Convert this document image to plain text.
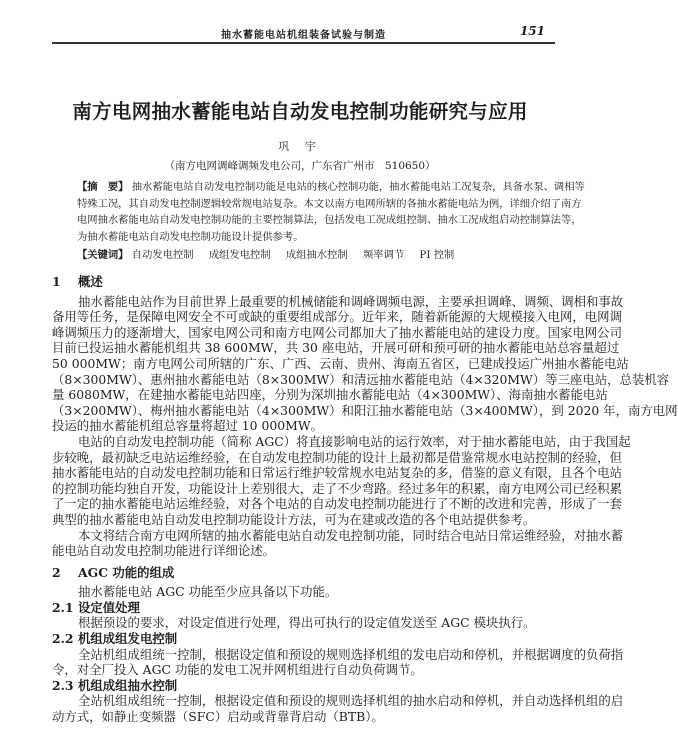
抽水蓄能电站机组装备试验与制造	151
南方电网抽水蓄能电站自动发电控制功能研究与应用
巩 宇
（南方电网调峰调频发电公司，广东省广州市　510650）
【摘　要】 抽水蓄能电站自动发电控制功能是电站的核心控制功能，抽水蓄能电站工况复杂，具备水泵、调相等
特殊工况，其自动发电控制逻辑较常规电站复杂。本文以南方电网所辖的各抽水蓄能电站为例，详细介绍了南方
电网抽水蓄能电站自动发电控制功能的主要控制算法，包括发电工况成组控制、抽水工况成组启动控制算法等，
为抽水蓄能电站自动发电控制功能设计提供参考。
【关键词】 自动发电控制 成组发电控制 成组抽水控制 频率调节 PI 控制
1 概述
抽水蓄能电站作为目前世界上最重要的机械储能和调峰调频电源，主要承担调峰、调频、调相和事故
备用等任务，是保障电网安全不可或缺的重要组成部分。近年来，随着新能源的大规模接入电网，电网调
峰调频压力的逐渐增大，国家电网公司和南方电网公司都加大了抽水蓄能电站的建设力度。国家电网公司
目前已投运抽水蓄能机组共 38 600MW，共 30 座电站，开展可研和预可研的抽水蓄能电站总容量超过
50 000MW；南方电网公司所辖的广东、广西、云南、贵州、海南五省区，已建成投运广州抽水蓄能电站
（8×300MW）、惠州抽水蓄能电站（8×300MW）和清远抽水蓄能电站（4×320MW）等三座电站，总装机容
量 6080MW，在建抽水蓄能电站四座，分别为深圳抽水蓄能电站（4×300MW）、海南抽水蓄能电站
（3×200MW）、梅州抽水蓄能电站（4×300MW）和阳江抽水蓄能电站（3×400MW），到 2020 年，南方电网
投运的抽水蓄能机组总容量将超过 10 000MW。
电站的自动发电控制功能（简称 AGC）将直接影响电站的运行效率，对于抽水蓄能电站，由于我国起
步较晚，最初缺乏电站运维经验，在自动发电控制功能的设计上最初都是借鉴常规水电站控制的经验，但
抽水蓄能电站的自动发电控制功能和日常运行维护较常规水电站复杂的多，借鉴的意义有限，且各个电站
的控制功能均独自开发，功能设计上差别很大，走了不少弯路。经过多年的积累，南方电网公司已经积累
了一定的抽水蓄能电站运维经验，对各个电站的自动发电控制功能进行了不断的改进和完善，形成了一套
典型的抽水蓄能电站自动发电控制功能设计方法，可为在建或改造的各个电站提供参考。
本文将结合南方电网所辖的抽水蓄能电站自动发电控制功能，同时结合电站日常运维经验，对抽水蓄
能电站自动发电控制功能进行详细论述。
2 AGC 功能的组成
抽水蓄能电站 AGC 功能至少应具备以下功能。
2.1 设定值处理
根据预设的要求，对设定值进行处理，得出可执行的设定值发送至 AGC 模块执行。
2.2 机组成组发电控制
全站机组成组统一控制，根据设定值和预设的规则选择机组的发电启动和停机，并根据调度的负荷指
令，对全厂投入 AGC 功能的发电工况并网机组进行自动负荷调节。
2.3 机组成组抽水控制
全站机组成组统一控制，根据设定值和预设的规则选择机组的抽水启动和停机，并自动选择机组的启
动方式，如静止变频器（SFC）启动或背靠背启动（BTB）。
